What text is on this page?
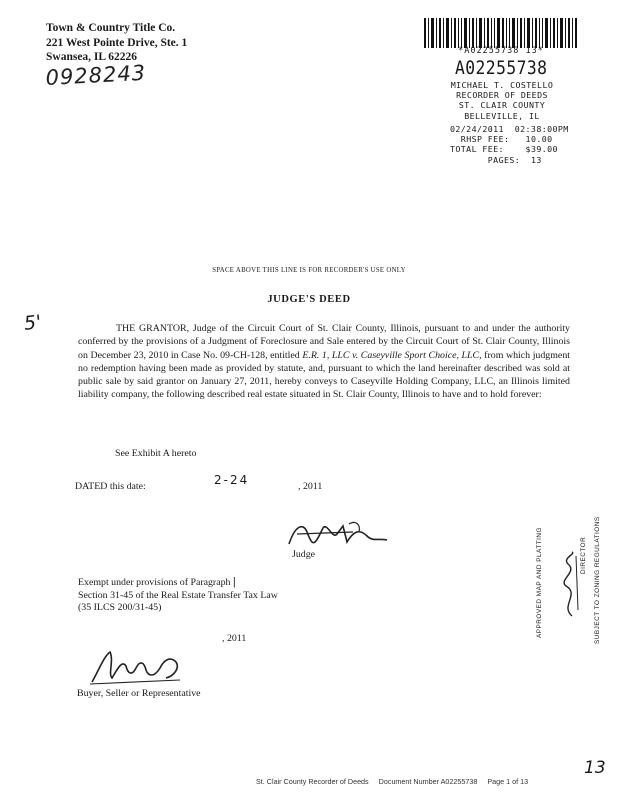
Town & Country Title Co.
221 West Pointe Drive, Ste. 1
Swansea, IL 62226
0928243
*A02255738 13*
A02255738
MICHAEL T. COSTELLO
RECORDER OF DEEDS
ST. CLAIR COUNTY
BELLEVILLE, IL
02/24/2011 02:38:00PM
RHSP FEE: 10.00
TOTAL FEE:	$39.00
PAGES: 13
SPACE ABOVE THIS LINE IS FOR RECORDER'S USE ONLY
JUDGE'S DEED
5'	THE GRANTOR, Judge of the Circuit Court of St. Clair County, Illinois, pursuant to and under the authority conferred by the provisions of a Judgment of Foreclosure and Sale entered by the Circuit Court of St. Clair County, Illinois on December 23, 2010 in Case No. 09-CH-128, entitled E.R. 1, LLC v. Caseyville Sport Choice, LLC, from which judgment no redemption having been made as provided by statute, and, pursuant to which the land hereinafter described was sold at public sale by said grantor on January 27, 2011, hereby conveys to Caseyville Holding Company, LLC, an Illinois limited liability company, the following described real estate situated in St. Clair County, Illinois to have and to hold forever:
See Exhibit A hereto
DATED this date:	2-24	, 2011
Judge
Exempt under provisions of Paragraph |
Section 31-45 of the Real Estate Transfer Tax Law
(35 ILCS 200/31-45)
, 2011
Buyer, Seller or Representative
APPROVED MAP AND PLATTING	DIRECTOR SUBJECT TO ZONING REGULATIONS
St. Clair County Recorder of Deeds Document Number A02255738 Page 1 of 13
13
